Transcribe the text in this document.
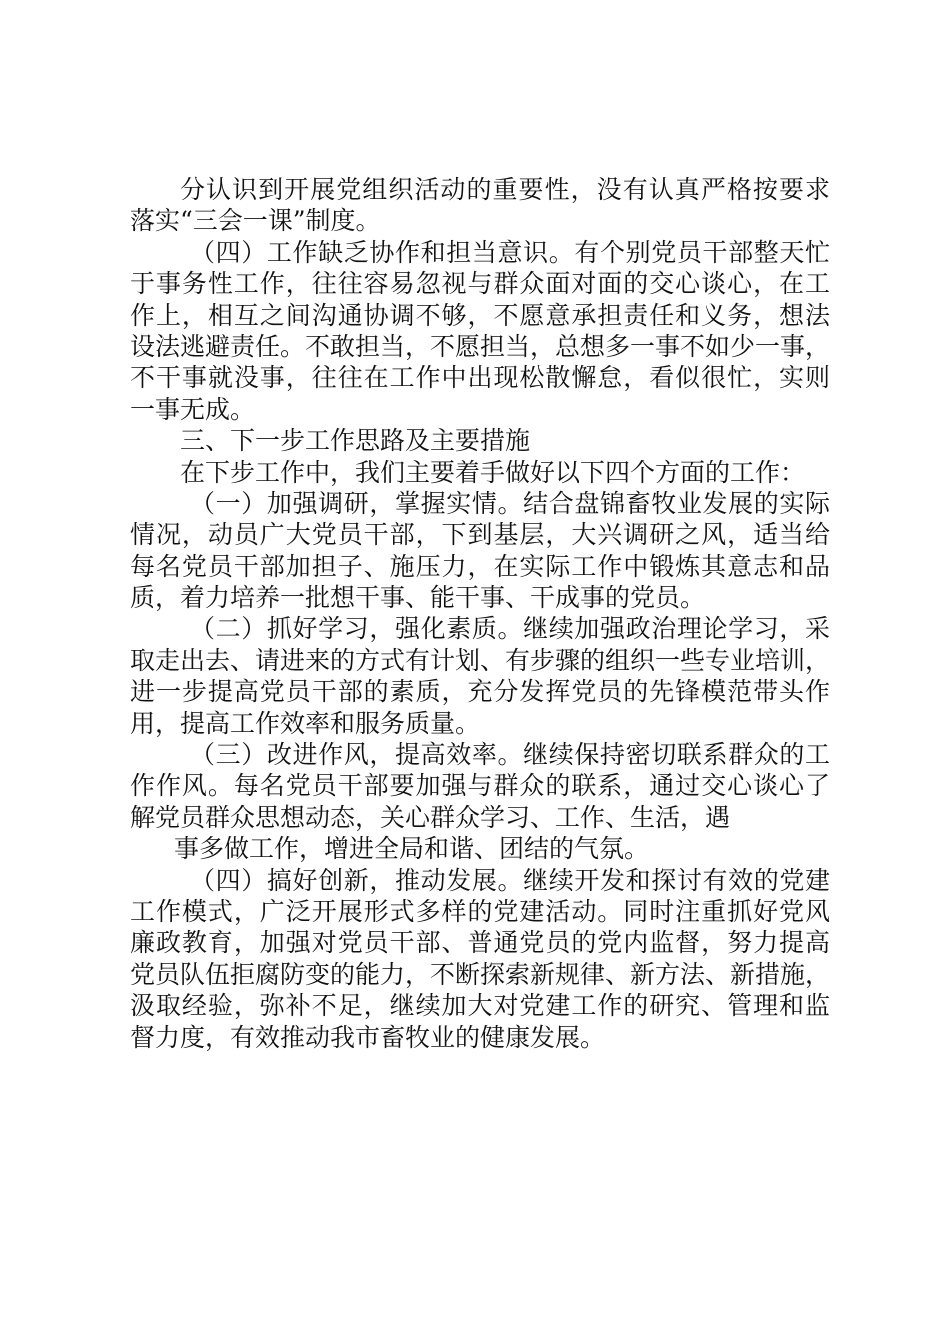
分认识到开展党组织活动的重要性，没有认真严格按要求
落实“三会一课”制度。
（四）工作缺乏协作和担当意识。有个别党员干部整天忙
于事务性工作，往往容易忽视与群众面对面的交心谈心，在工
作上，相互之间沟通协调不够，不愿意承担责任和义务，想法
设法逃避责任。不敢担当，不愿担当，总想多一事不如少一事，
不干事就没事，往往在工作中出现松散懈怠，看似很忙，实则
一事无成。
三、下一步工作思路及主要措施
在下步工作中，我们主要着手做好以下四个方面的工作：
（一）加强调研，掌握实情。结合盘锦畜牧业发展的实际
情况，动员广大党员干部，下到基层，大兴调研之风，适当给
每名党员干部加担子、施压力，在实际工作中锻炼其意志和品
质，着力培养一批想干事、能干事、干成事的党员。
（二）抓好学习，强化素质。继续加强政治理论学习，采
取走出去、请进来的方式有计划、有步骤的组织一些专业培训，
进一步提高党员干部的素质，充分发挥党员的先锋模范带头作
用，提高工作效率和服务质量。
（三）改进作风，提高效率。继续保持密切联系群众的工
作作风。每名党员干部要加强与群众的联系，通过交心谈心了
解党员群众思想动态，关心群众学习、工作、生活，遇
事多做工作，增进全局和谐、团结的气氛。
（四）搞好创新，推动发展。继续开发和探讨有效的党建
工作模式，广泛开展形式多样的党建活动。同时注重抓好党风
廉政教育，加强对党员干部、普通党员的党内监督，努力提高
党员队伍拒腐防变的能力，不断探索新规律、新方法、新措施，
汲取经验，弥补不足，继续加大对党建工作的研究、管理和监
督力度，有效推动我市畜牧业的健康发展。
